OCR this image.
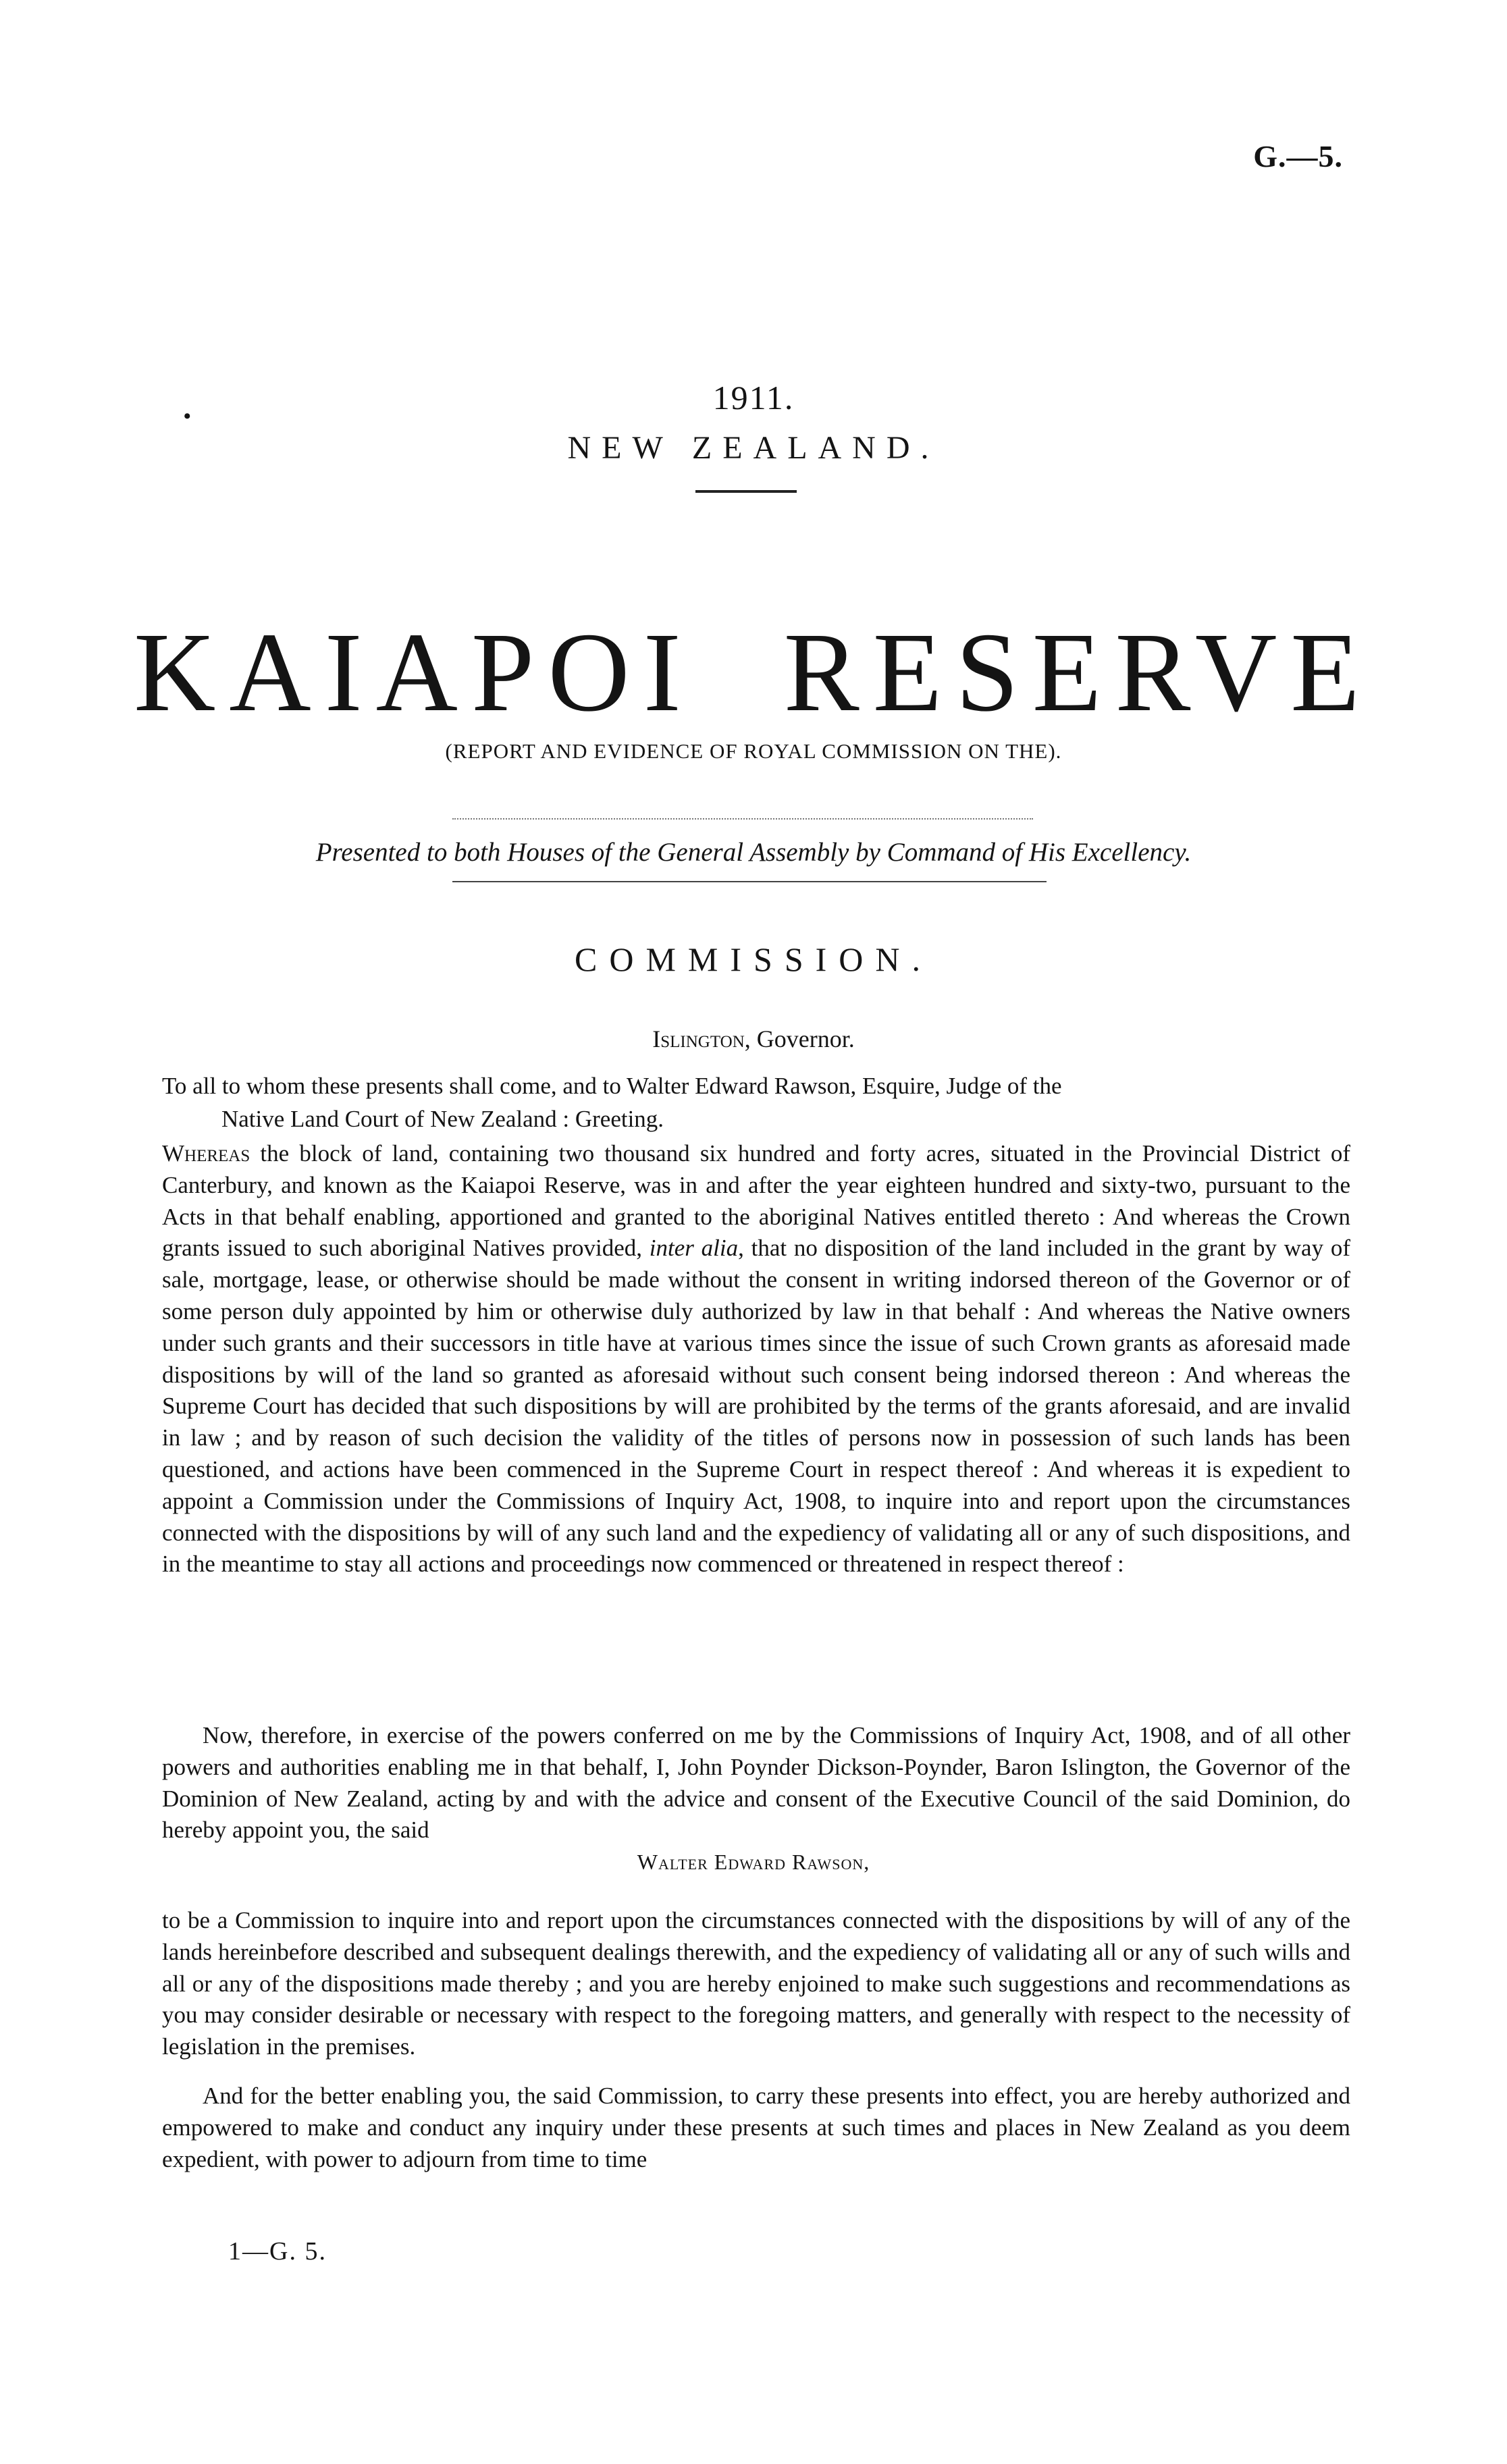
G.—5.
•	1911.
NEW ZEALAND.
KAIAPOI RESERVE
(REPORT AND EVIDENCE OF ROYAL COMMISSION ON THE).
Presented to both Houses of the General Assembly by Command of His Excellency.
COMMISSION.
Islington, Governor.
To all to whom these presents shall come, and to Walter Edward Rawson, Esquire, Judge of the
Native Land Court of New Zealand : Greeting.

Whereas the block of land, containing two thousand six hundred and forty acres, situated in the Provincial District of Canterbury, and known as the Kaiapoi Reserve, was in and after the year eighteen hundred and sixty-two, pursuant to the Acts in that behalf enabling, apportioned and granted to the aboriginal Natives entitled thereto : And whereas the Crown grants issued to such aboriginal Natives provided, inter alia, that no disposition of the land included in the grant by way of sale, mortgage, lease, or otherwise should be made without the consent in writing indorsed thereon of the Governor or of some person duly appointed by him or otherwise duly authorized by law in that behalf : And whereas the Native owners under such grants and their successors in title have at various times since the issue of such Crown grants as aforesaid made dispositions by will of the land so granted as aforesaid without such consent being indorsed thereon : And whereas the Supreme Court has decided that such dispositions by will are prohibited by the terms of the grants aforesaid, and are invalid in law ; and by reason of such decision the validity of the titles of persons now in possession of such lands has been questioned, and actions have been commenced in the Supreme Court in respect thereof : And whereas it is expedient to appoint a Commission under the Commissions of Inquiry Act, 1908, to inquire into and report upon the circumstances connected with the dispositions by will of any such land and the expediency of validating all or any of such dispositions, and in the meantime to stay all actions and proceedings now commenced or threatened in respect thereof :

Now, therefore, in exercise of the powers conferred on me by the Commissions of Inquiry Act, 1908, and of all other powers and authorities enabling me in that behalf, I, John Poynder Dickson-Poynder, Baron Islington, the Governor of the Dominion of New Zealand, acting by and with the advice and consent of the Executive Council of the said Dominion, do hereby appoint you, the said

Walter Edward Rawson,

to be a Commission to inquire into and report upon the circumstances connected with the dispositions by will of any of the lands hereinbefore described and subsequent dealings therewith, and the expediency of validating all or any of such wills and all or any of the dispositions made thereby ; and you are hereby enjoined to make such suggestions and recommendations as you may consider desirable or necessary with respect to the foregoing matters, and generally with respect to the necessity of legislation in the premises.

And for the better enabling you, the said Commission, to carry these presents into effect, you are hereby authorized and empowered to make and conduct any inquiry under these presents at such times and places in New Zealand as you deem expedient, with power to adjourn from time to time

1—G. 5.
